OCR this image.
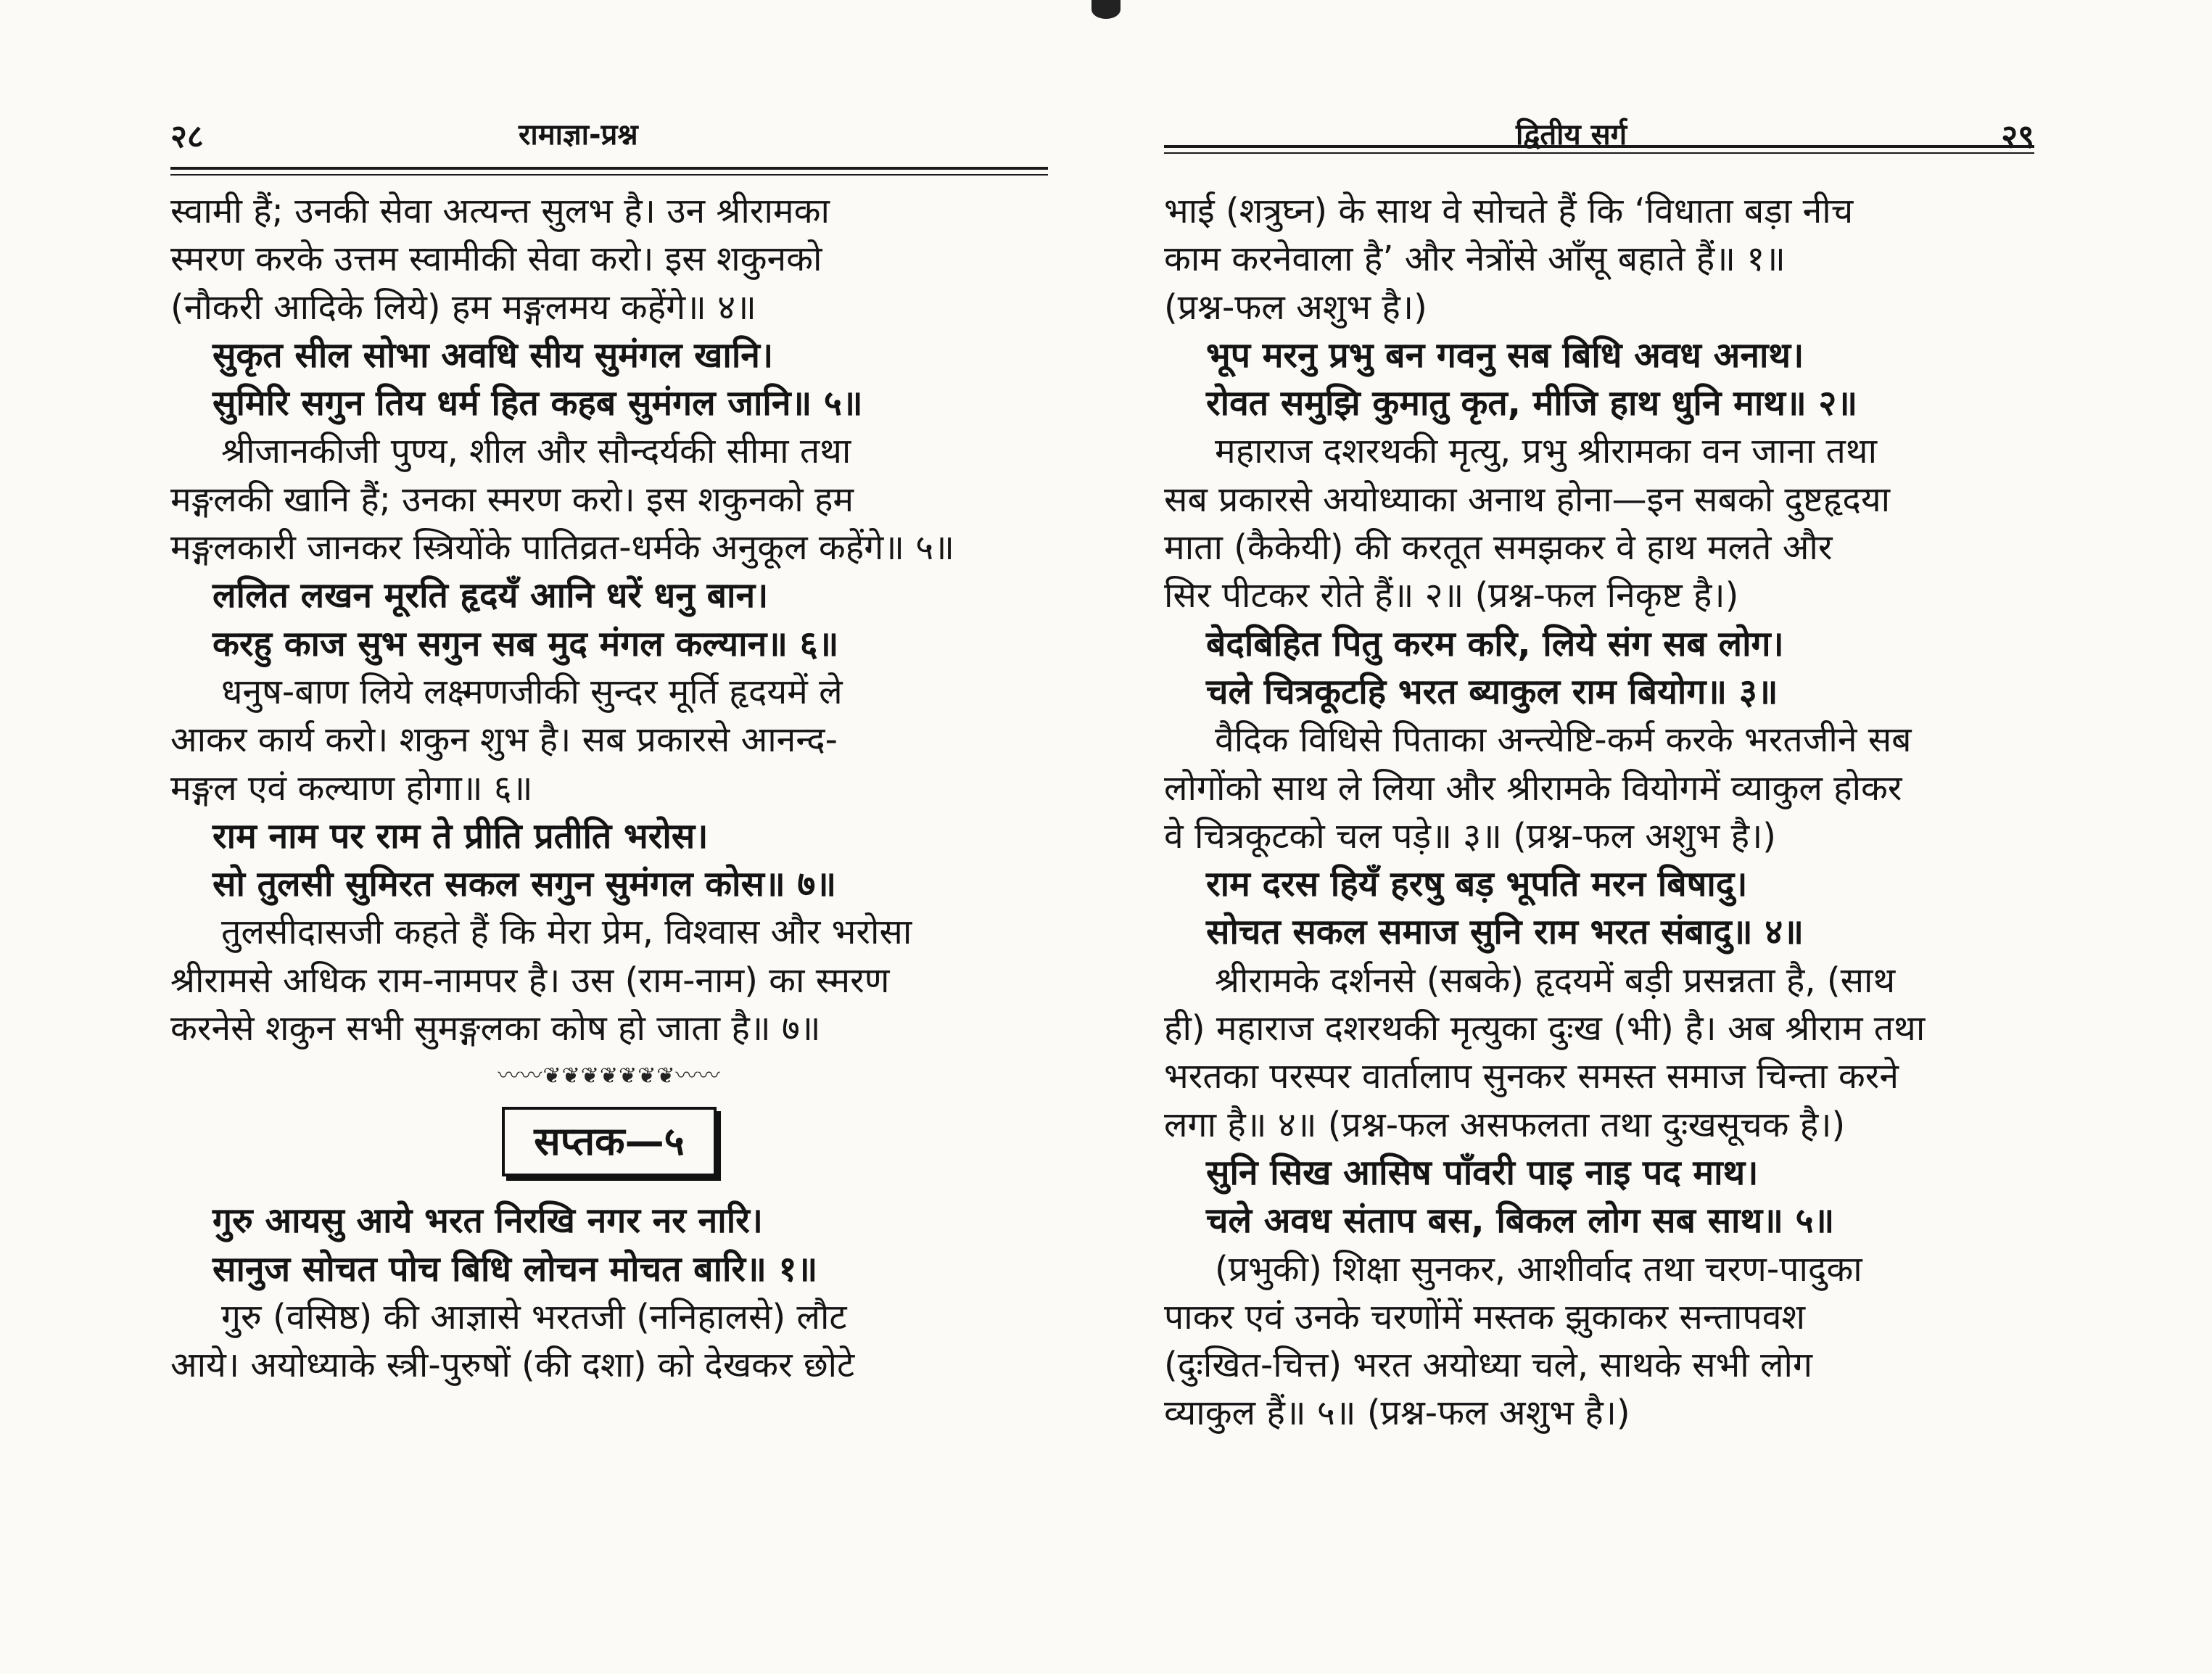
२८	रामाज्ञा-प्रश्न
स्वामी हैं; उनकी सेवा अत्यन्त सुलभ है। उन श्रीरामका
स्मरण करके उत्तम स्वामीकी सेवा करो। इस शकुनको
(नौकरी आदिके लिये) हम मङ्गलमय कहेंगे॥ ४॥
सुकृत सील सोभा अवधि सीय सुमंगल खानि।
सुमिरि सगुन तिय धर्म हित कहब सुमंगल जानि॥ ५॥
श्रीजानकीजी पुण्य, शील और सौन्दर्यकी सीमा तथा
मङ्गलकी खानि हैं; उनका स्मरण करो। इस शकुनको हम
मङ्गलकारी जानकर स्त्रियोंके पातिव्रत-धर्मके अनुकूल कहेंगे॥ ५॥
ललित लखन मूरति हृदयँ आनि धरें धनु बान।
करहु काज सुभ सगुन सब मुद मंगल कल्यान॥ ६॥
धनुष-बाण लिये लक्ष्मणजीकी सुन्दर मूर्ति हृदयमें ले
आकर कार्य करो। शकुन शुभ है। सब प्रकारसे आनन्द-
मङ्गल एवं कल्याण होगा॥ ६॥
राम नाम पर राम ते प्रीति प्रतीति भरोस।
सो तुलसी सुमिरत सकल सगुन सुमंगल कोस॥ ७॥
तुलसीदासजी कहते हैं कि मेरा प्रेम, विश्वास और भरोसा
श्रीरामसे अधिक राम-नामपर है। उस (राम-नाम) का स्मरण
करनेसे शकुन सभी सुमङ्गलका कोष हो जाता है॥ ७॥
〰〰❦❦❦❦❦❦❦〰〰
सप्तक—५
गुरु आयसु आये भरत निरखि नगर नर नारि।
सानुज सोचत पोच बिधि लोचन मोचत बारि॥ १॥
गुरु (वसिष्ठ) की आज्ञासे भरतजी (ननिहालसे) लौट
आये। अयोध्याके स्त्री-पुरुषों (की दशा) को देखकर छोटे
द्वितीय सर्ग	२९
भाई (शत्रुघ्न) के साथ वे सोचते हैं कि ‘विधाता बड़ा नीच
काम करनेवाला है’ और नेत्रोंसे आँसू बहाते हैं॥ १॥
(प्रश्न-फल अशुभ है।)
भूप मरनु प्रभु बन गवनु सब बिधि अवध अनाथ।
रोवत समुझि कुमातु कृत, मीजि हाथ धुनि माथ॥ २॥
महाराज दशरथकी मृत्यु, प्रभु श्रीरामका वन जाना तथा
सब प्रकारसे अयोध्याका अनाथ होना—इन सबको दुष्टहृदया
माता (कैकेयी) की करतूत समझकर वे हाथ मलते और
सिर पीटकर रोते हैं॥ २॥ (प्रश्न-फल निकृष्ट है।)
बेदबिहित पितु करम करि, लिये संग सब लोग।
चले चित्रकूटहि भरत ब्याकुल राम बियोग॥ ३॥
वैदिक विधिसे पिताका अन्त्येष्टि-कर्म करके भरतजीने सब
लोगोंको साथ ले लिया और श्रीरामके वियोगमें व्याकुल होकर
वे चित्रकूटको चल पड़े॥ ३॥ (प्रश्न-फल अशुभ है।)
राम दरस हियँ हरषु बड़ भूपति मरन बिषादु।
सोचत सकल समाज सुनि राम भरत संबादु॥ ४॥
श्रीरामके दर्शनसे (सबके) हृदयमें बड़ी प्रसन्नता है, (साथ
ही) महाराज दशरथकी मृत्युका दुःख (भी) है। अब श्रीराम तथा
भरतका परस्पर वार्तालाप सुनकर समस्त समाज चिन्ता करने
लगा है॥ ४॥ (प्रश्न-फल असफलता तथा दुःखसूचक है।)
सुनि सिख आसिष पाँवरी पाइ नाइ पद माथ।
चले अवध संताप बस, बिकल लोग सब साथ॥ ५॥
(प्रभुकी) शिक्षा सुनकर, आशीर्वाद तथा चरण-पादुका
पाकर एवं उनके चरणोंमें मस्तक झुकाकर सन्तापवश
(दुःखित-चित्त) भरत अयोध्या चले, साथके सभी लोग
व्याकुल हैं॥ ५॥ (प्रश्न-फल अशुभ है।)
